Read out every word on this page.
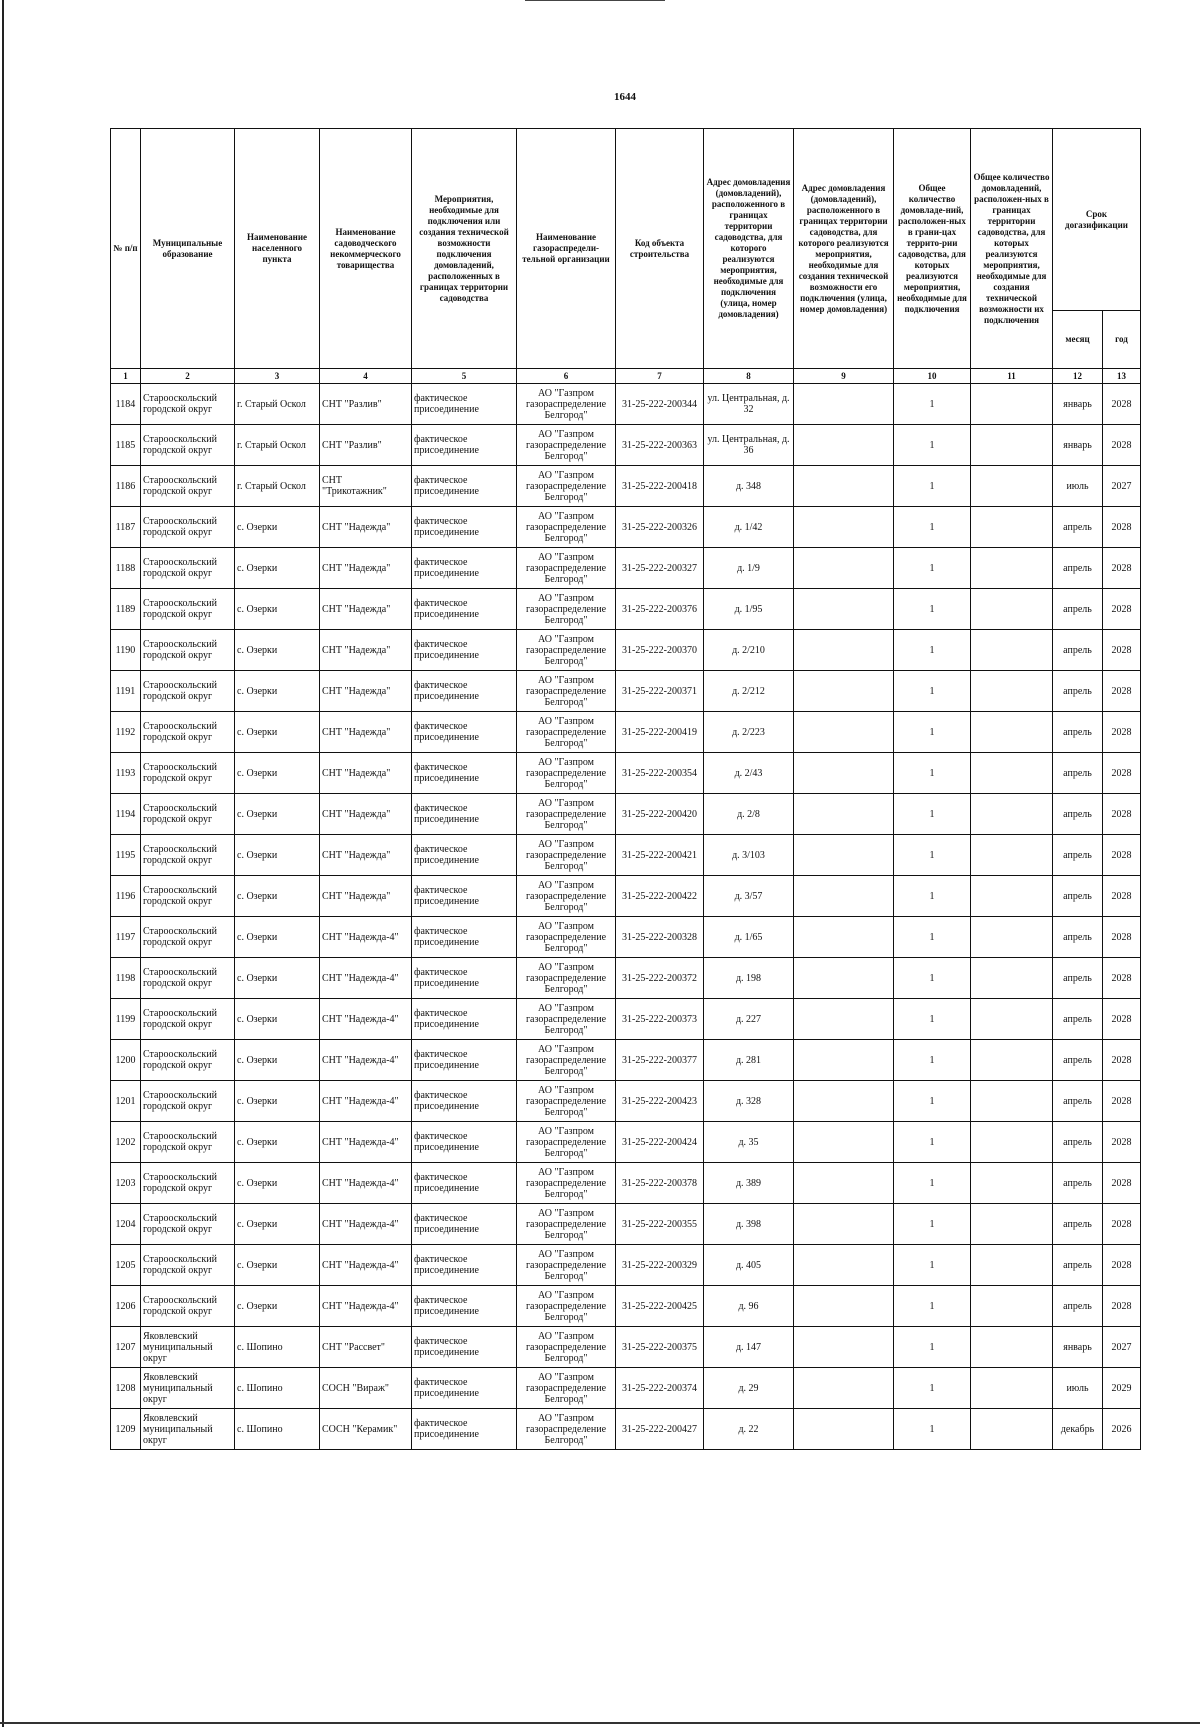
1644
№ п/п	Муниципальные образование	Наименование населенного пункта	Наименование садоводческого некоммерческого товарищества	Мероприятия, необходимые для подключения или создания технической возможности подключения домовладений, расположенных в границах территории садоводства	Наименование газораспредели-тельной организации	Код объекта строительства	Адрес домовладения (домовладений), расположенного в границах территории садоводства, для которого реализуются мероприятия, необходимые для подключения (улица, номер домовладения)	Адрес домовладения (домовладений), расположенного в границах территории садоводства, для которого реализуются мероприятия, необходимые для создания технической возможности его подключения (улица, номер домовладения)	Общее количество домовладе-ний, расположен-ных в грани-цах террито-рии садоводства, для которых реализуются мероприятия, необходимые для подключения	Общее количество домовладений, расположен-ных в границах территории садоводства, для которых реализуются мероприятия, необходимые для создания технической возможности их подключения	Срок догазификации	
											месяц	год
1	2	3	4	5	6	7	8	9	10	11	12	13
1184	Старооскольский городской округ	г. Старый Оскол	СНТ "Разлив"	фактическое присоединение	АО "Газпром газораспределение Белгород"	31-25-222-200344	ул. Центральная, д. 32		1		январь	2028
1185	Старооскольский городской округ	г. Старый Оскол	СНТ "Разлив"	фактическое присоединение	АО "Газпром газораспределение Белгород"	31-25-222-200363	ул. Центральная, д. 36		1		январь	2028
1186	Старооскольский городской округ	г. Старый Оскол	СНТ "Трикотажник"	фактическое присоединение	АО "Газпром газораспределение Белгород"	31-25-222-200418	д. 348		1		июль	2027
1187	Старооскольский городской округ	с. Озерки	СНТ "Надежда"	фактическое присоединение	АО "Газпром газораспределение Белгород"	31-25-222-200326	д. 1/42		1		апрель	2028
1188	Старооскольский городской округ	с. Озерки	СНТ "Надежда"	фактическое присоединение	АО "Газпром газораспределение Белгород"	31-25-222-200327	д. 1/9		1		апрель	2028
1189	Старооскольский городской округ	с. Озерки	СНТ "Надежда"	фактическое присоединение	АО "Газпром газораспределение Белгород"	31-25-222-200376	д. 1/95		1		апрель	2028
1190	Старооскольский городской округ	с. Озерки	СНТ "Надежда"	фактическое присоединение	АО "Газпром газораспределение Белгород"	31-25-222-200370	д. 2/210		1		апрель	2028
1191	Старооскольский городской округ	с. Озерки	СНТ "Надежда"	фактическое присоединение	АО "Газпром газораспределение Белгород"	31-25-222-200371	д. 2/212		1		апрель	2028
1192	Старооскольский городской округ	с. Озерки	СНТ "Надежда"	фактическое присоединение	АО "Газпром газораспределение Белгород"	31-25-222-200419	д. 2/223		1		апрель	2028
1193	Старооскольский городской округ	с. Озерки	СНТ "Надежда"	фактическое присоединение	АО "Газпром газораспределение Белгород"	31-25-222-200354	д. 2/43		1		апрель	2028
1194	Старооскольский городской округ	с. Озерки	СНТ "Надежда"	фактическое присоединение	АО "Газпром газораспределение Белгород"	31-25-222-200420	д. 2/8		1		апрель	2028
1195	Старооскольский городской округ	с. Озерки	СНТ "Надежда"	фактическое присоединение	АО "Газпром газораспределение Белгород"	31-25-222-200421	д. 3/103		1		апрель	2028
1196	Старооскольский городской округ	с. Озерки	СНТ "Надежда"	фактическое присоединение	АО "Газпром газораспределение Белгород"	31-25-222-200422	д. 3/57		1		апрель	2028
1197	Старооскольский городской округ	с. Озерки	СНТ "Надежда-4"	фактическое присоединение	АО "Газпром газораспределение Белгород"	31-25-222-200328	д. 1/65		1		апрель	2028
1198	Старооскольский городской округ	с. Озерки	СНТ "Надежда-4"	фактическое присоединение	АО "Газпром газораспределение Белгород"	31-25-222-200372	д. 198		1		апрель	2028
1199	Старооскольский городской округ	с. Озерки	СНТ "Надежда-4"	фактическое присоединение	АО "Газпром газораспределение Белгород"	31-25-222-200373	д. 227		1		апрель	2028
1200	Старооскольский городской округ	с. Озерки	СНТ "Надежда-4"	фактическое присоединение	АО "Газпром газораспределение Белгород"	31-25-222-200377	д. 281		1		апрель	2028
1201	Старооскольский городской округ	с. Озерки	СНТ "Надежда-4"	фактическое присоединение	АО "Газпром газораспределение Белгород"	31-25-222-200423	д. 328		1		апрель	2028
1202	Старооскольский городской округ	с. Озерки	СНТ "Надежда-4"	фактическое присоединение	АО "Газпром газораспределение Белгород"	31-25-222-200424	д. 35		1		апрель	2028
1203	Старооскольский городской округ	с. Озерки	СНТ "Надежда-4"	фактическое присоединение	АО "Газпром газораспределение Белгород"	31-25-222-200378	д. 389		1		апрель	2028
1204	Старооскольский городской округ	с. Озерки	СНТ "Надежда-4"	фактическое присоединение	АО "Газпром газораспределение Белгород"	31-25-222-200355	д. 398		1		апрель	2028
1205	Старооскольский городской округ	с. Озерки	СНТ "Надежда-4"	фактическое присоединение	АО "Газпром газораспределение Белгород"	31-25-222-200329	д. 405		1		апрель	2028
1206	Старооскольский городской округ	с. Озерки	СНТ "Надежда-4"	фактическое присоединение	АО "Газпром газораспределение Белгород"	31-25-222-200425	д. 96		1		апрель	2028
1207	Яковлевский муниципальный округ	с. Шопино	СНТ "Рассвет"	фактическое присоединение	АО "Газпром газораспределение Белгород"	31-25-222-200375	д. 147		1		январь	2027
1208	Яковлевский муниципальный округ	с. Шопино	СОСН "Вираж"	фактическое присоединение	АО "Газпром газораспределение Белгород"	31-25-222-200374	д. 29		1		июль	2029
1209	Яковлевский муниципальный округ	с. Шопино	СОСН "Керамик"	фактическое присоединение	АО "Газпром газораспределение Белгород"	31-25-222-200427	д. 22		1		декабрь	2026
